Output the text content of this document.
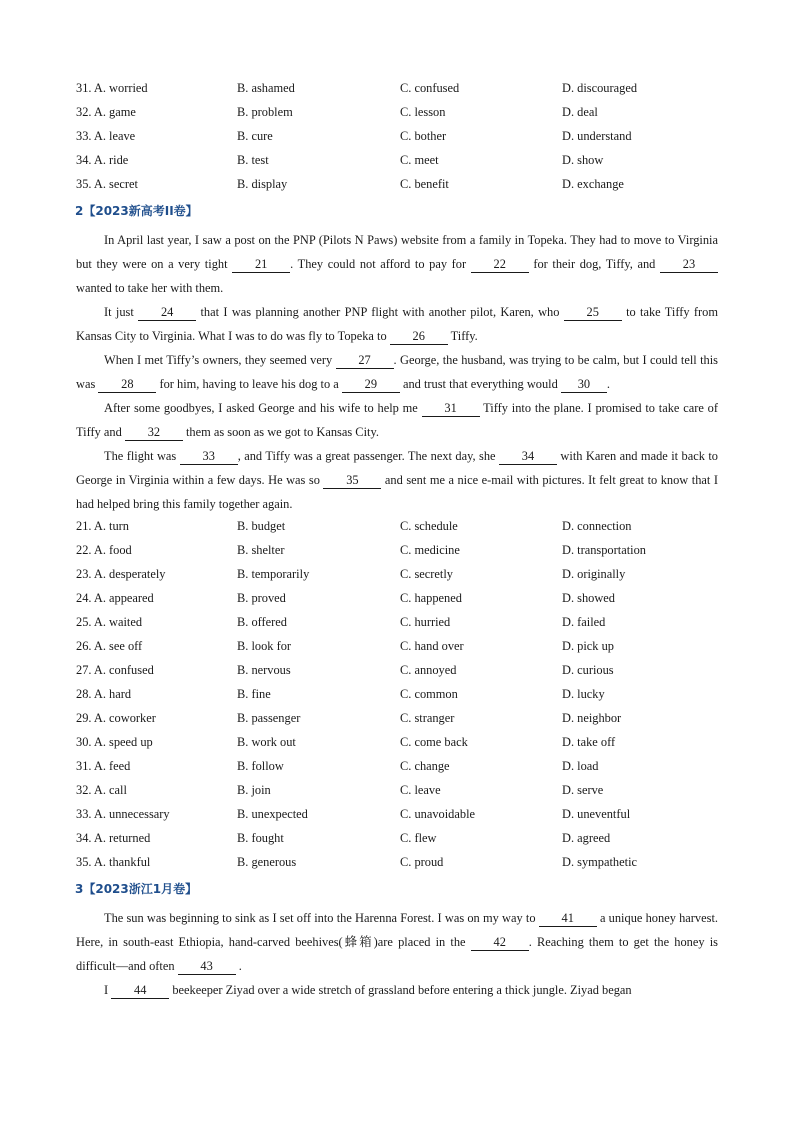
31. A. worried	B. ashamed	C. confused	D. discouraged
32. A. game	B. problem	C. lesson	D. deal
33. A. leave	B. cure	C. bother	D. understand
34. A. ride	B. test	C. meet	D. show
35. A. secret	B. display	C. benefit	D. exchange
2【2023新高考II卷】

In April last year, I saw a post on the PNP (Pilots N Paws) website from a family in Topeka. They had to move to Virginia but they were on a very tight 21 . They could not afford to pay for 22 for their dog, Tiffy, and 23 wanted to take her with them.

It just 24 that I was planning another PNP flight with another pilot, Karen, who 25 to take Tiffy from Kansas City to Virginia. What I was to do was fly to Topeka to 26 Tiffy.

When I met Tiffy’s owners, they seemed very 27 . George, the husband, was trying to be calm, but I could tell this was 28 for him, having to leave his dog to a 29 and trust that everything would 30 .

After some goodbyes, I asked George and his wife to help me 31 Tiffy into the plane. I promised to take care of Tiffy and 32 them as soon as we got to Kansas City.

The flight was 33 , and Tiffy was a great passenger. The next day, she 34 with Karen and made it back to George in Virginia within a few days. He was so 35 and sent me a nice e-mail with pictures. It felt great to know that I had helped bring this family together again.

21. A. turn	B. budget	C. schedule	D. connection
22. A. food	B. shelter	C. medicine	D. transportation
23. A. desperately	B. temporarily	C. secretly	D. originally
24. A. appeared	B. proved	C. happened	D. showed
25. A. waited	B. offered	C. hurried	D. failed
26. A. see off	B. look for	C. hand over	D. pick up
27. A. confused	B. nervous	C. annoyed	D. curious
28. A. hard	B. fine	C. common	D. lucky
29. A. coworker	B. passenger	C. stranger	D. neighbor
30. A. speed up	B. work out	C. come back	D. take off
31. A. feed	B. follow	C. change	D. load
32. A. call	B. join	C. leave	D. serve
33. A. unnecessary	B. unexpected	C. unavoidable	D. uneventful
34. A. returned	B. fought	C. flew	D. agreed
35. A. thankful	B. generous	C. proud	D. sympathetic
3【2023浙江1月卷】

The sun was beginning to sink as I set off into the Harenna Forest. I was on my way to 41 a unique honey harvest. Here, in south-east Ethiopia, hand-carved beehives(蜂箱)are placed in the 42 . Reaching them to get the honey is difficult—and often 43 .

I 44 beekeeper Ziyad over a wide stretch of grassland before entering a thick jungle. Ziyad began
